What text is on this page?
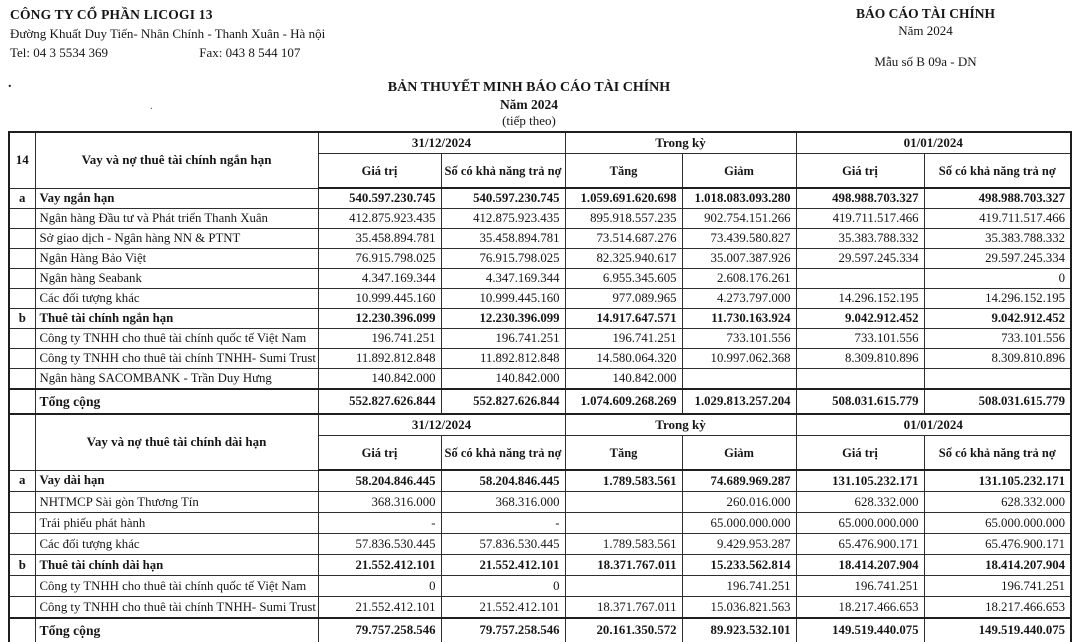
CÔNG TY CỔ PHẦN LICOGI 13
Đường Khuất Duy Tiến- Nhân Chính - Thanh Xuân - Hà nội
Tel: 04 3 5534 369	Fax: 043 8 544 107
BÁO CÁO TÀI CHÍNH
Năm 2024
Mẫu số B 09a - DN
.
.
BẢN THUYẾT MINH BÁO CÁO TÀI CHÍNH
Năm 2024
(tiếp theo)
14	Vay và nợ thuê tài chính ngắn hạn	31/12/2024		Trong kỳ		01/01/2024	
		Giá trị	Số có khả năng trả nợ	Tăng	Giảm	Giá trị	Số có khả năng trả nợ
a	Vay ngắn hạn	540.597.230.745	540.597.230.745	1.059.691.620.698	1.018.083.093.280	498.988.703.327	498.988.703.327
	Ngân hàng Đầu tư và Phát triển Thanh Xuân	412.875.923.435	412.875.923.435	895.918.557.235	902.754.151.266	419.711.517.466	419.711.517.466
	Sở giao dịch - Ngân hàng NN & PTNT	35.458.894.781	35.458.894.781	73.514.687.276	73.439.580.827	35.383.788.332	35.383.788.332
	Ngân Hàng Bảo Việt	76.915.798.025	76.915.798.025	82.325.940.617	35.007.387.926	29.597.245.334	29.597.245.334
	Ngân hàng Seabank	4.347.169.344	4.347.169.344	6.955.345.605	2.608.176.261		0
	Các đối tượng khác	10.999.445.160	10.999.445.160	977.089.965	4.273.797.000	14.296.152.195	14.296.152.195
b	Thuê tài chính ngắn hạn	12.230.396.099	12.230.396.099	14.917.647.571	11.730.163.924	9.042.912.452	9.042.912.452
	Công ty TNHH cho thuê tài chính quốc tế Việt Nam	196.741.251	196.741.251	196.741.251	733.101.556	733.101.556	733.101.556
	Công ty TNHH cho thuê tài chính TNHH- Sumi Trust	11.892.812.848	11.892.812.848	14.580.064.320	10.997.062.368	8.309.810.896	8.309.810.896
	Ngân hàng SACOMBANK - Trần Duy Hưng	140.842.000	140.842.000	140.842.000			
	Tổng cộng	552.827.626.844	552.827.626.844	1.074.609.268.269	1.029.813.257.204	508.031.615.779	508.031.615.779
	Vay và nợ thuê tài chính dài hạn	31/12/2024		Trong kỳ		01/01/2024	
		Giá trị	Số có khả năng trả nợ	Tăng	Giảm	Giá trị	Số có khả năng trả nợ
a	Vay dài hạn	58.204.846.445	58.204.846.445	1.789.583.561	74.689.969.287	131.105.232.171	131.105.232.171
	NHTMCP Sài gòn Thương Tín	368.316.000	368.316.000		260.016.000	628.332.000	628.332.000
	Trái phiếu phát hành	-	-		65.000.000.000	65.000.000.000	65.000.000.000
	Các đối tượng khác	57.836.530.445	57.836.530.445	1.789.583.561	9.429.953.287	65.476.900.171	65.476.900.171
b	Thuê tài chính dài hạn	21.552.412.101	21.552.412.101	18.371.767.011	15.233.562.814	18.414.207.904	18.414.207.904
	Công ty TNHH cho thuê tài chính quốc tế Việt Nam	0	0		196.741.251	196.741.251	196.741.251
	Công ty TNHH cho thuê tài chính TNHH- Sumi Trust	21.552.412.101	21.552.412.101	18.371.767.011	15.036.821.563	18.217.466.653	18.217.466.653
	Tổng cộng	79.757.258.546	79.757.258.546	20.161.350.572	89.923.532.101	149.519.440.075	149.519.440.075
